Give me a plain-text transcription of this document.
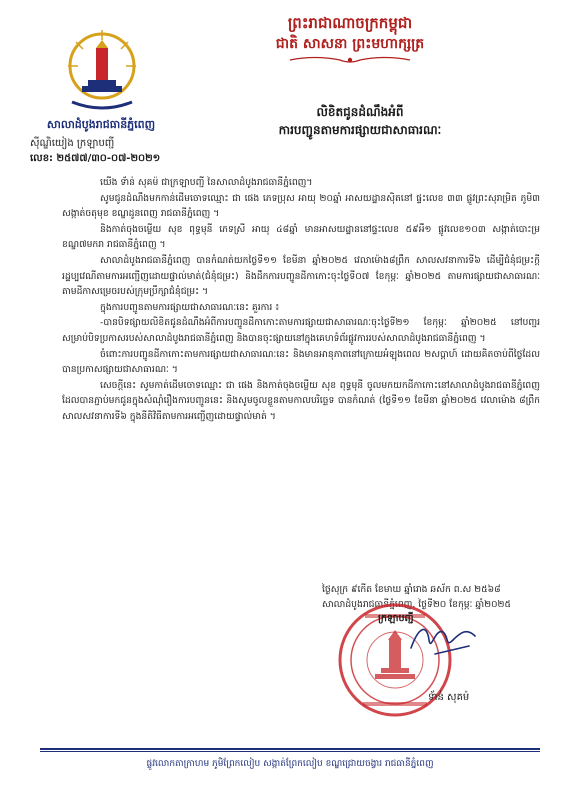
ព្រះរាជាណាចក្រកម្ពុជា
ជាតិ សាសនា ព្រះមហាក្សត្រ
សាលាដំបូងរាជធានីភ្នំពេញ
ស៊ីណ្ឌិយៀង ក្រឡាបញ្ជី
លេខ: ២៥៧៧/៣០-០៧-២០២១
លិខិតជូនដំណឹងអំពី
ការបញ្ជូនតាមការផ្សាយជាសាធារណៈ

យើង ទ័ាន់ សុគម៉ ជាក្រឡាបញ្ជី នៃសាលាដំបូងរាជធានីភ្នំពេញ។

សូមជូនដំណឹងមកកាន់ដើមចោទឈ្មោះ ជា ផេង ភេទប្រុស អាយុ ២០ឆ្នាំ អាសយដ្ឋានស៊ិតនៅ ផ្ទះលេខ ៣៣ ផ្លូវព្រះសុរាម្រិត ភូមិ៣ សង្កាត់ចតុមុខ ខណ្ឌដូនពេញ រាជធានីភ្នំពេញ ។

និងកាត់ចុងចម្លើយ សុខ ពុទ្ធមុនី ភេទស្រី អាយុ ៤៨ឆ្នាំ មានអាសយដ្ឋាននៅផ្ទះលេខ ៥៩អឺ១ ផ្លូវលេខ១០៣ សង្កាត់បោះម្រ ខណ្ឌ៧មករា រាជធានីភ្នំពេញ ។

សាលាដំបូងរាជធានីភ្នំពេញ បានកំណត់យកថ្ងៃទី១១ ខែមីនា ឆ្នាំ២០២៥ វេលាម៉ោង៨ព្រឹក សាលសវនាការទី៦ ដើម្បីជំនុំជម្រះក្ដីរដ្ឋប្បវេណីតាមការអញ្ជើញដោយផ្ទាល់មាត់(ជំនុំជម្រះ) និងដឹកការបញ្ជូនដីកាកោះចុះថ្ងៃទី០៧ ខែកុម្ភៈ ឆ្នាំ២០២៥ តាមការផ្សាយជាសាធារណៈ តាមដីកាសម្រេចរបស់ក្រុមប្រឹក្សាជំនុំជម្រះ ។

ក្នុងការបញ្ជូនតាមការផ្សាយជាសាធារណៈនេះ គួរការ ៖

-បានបិទផ្សាយលិខិតជូនដំណឹងអំពីការបញ្ជូនដីកាកោះតាមការផ្សាយជាសាធារណៈចុះថ្ងៃទី២១ ខែកុម្ភៈ ឆ្នាំ២០២៥ នៅបញ្ជរសម្រាប់បិទប្រកាសរបស់សាលាដំបូងរាជធានីភ្នំពេញ និងបានចុះផ្សាយនៅក្នុងគេហទំព័រផ្លូវការរបស់សាលាដំបូងរាជធានីភ្នំពេញ ។

ចំពោះការបញ្ជូនដីកាកោះតាមការផ្សាយជាសាធារណៈនេះ និងមានអានុភាពនៅក្រោយអំឡុងពេល ២សប្ដាហ៍ ដោយគិតចាប់ពីថ្ងៃដែលបានប្រកាសផ្សាយជាសាធារណៈ ។

សេចក្ដីនេះ សូមកាត់ដើមចោទឈ្មោះ ជា ផេង និងកាត់ចុងចម្លើយ សុខ ពុទ្ធមុនី ចូលមកយកដីកាកោះនៅសាលាដំបូងរាជធានីភ្នំពេញ ដែលបានភ្ជាប់មកជូនក្នុងសំណុំរឿងការបញ្ជូននេះ និងសូមចូលខ្លួនតាមកាលបរិច្ឆេទ បានកំណត់ (ថ្ងៃទី១១ ខែមីនា ឆ្នាំ២០២៥ វេលាម៉ោង ៨ព្រឹក សាលសវនាការទី៦ ក្នុងនីតិវិធីតាមការអញ្ជើញដោយផ្ទាល់មាត់ ។

ថ្ងៃសុក្រ ៩កើត ខែមាឃ ឆ្នាំរោង ឆស័ក ព.ស ២៥៦៨
សាលាដំបូងរាជធានីភ្នំពេញ, ថ្ងៃទី២០ ខែកុម្ភៈ ឆ្នាំ២០២៥
ក្រឡាបញ្ជី
ទ័ាន់ សុគម៉
ផ្លូវលោកតាក្រាហម ភូមិព្រែកលៀប សង្កាត់ព្រែកលៀប ខណ្ឌជ្រោយចង្វារ រាជធានីភ្នំពេញ
